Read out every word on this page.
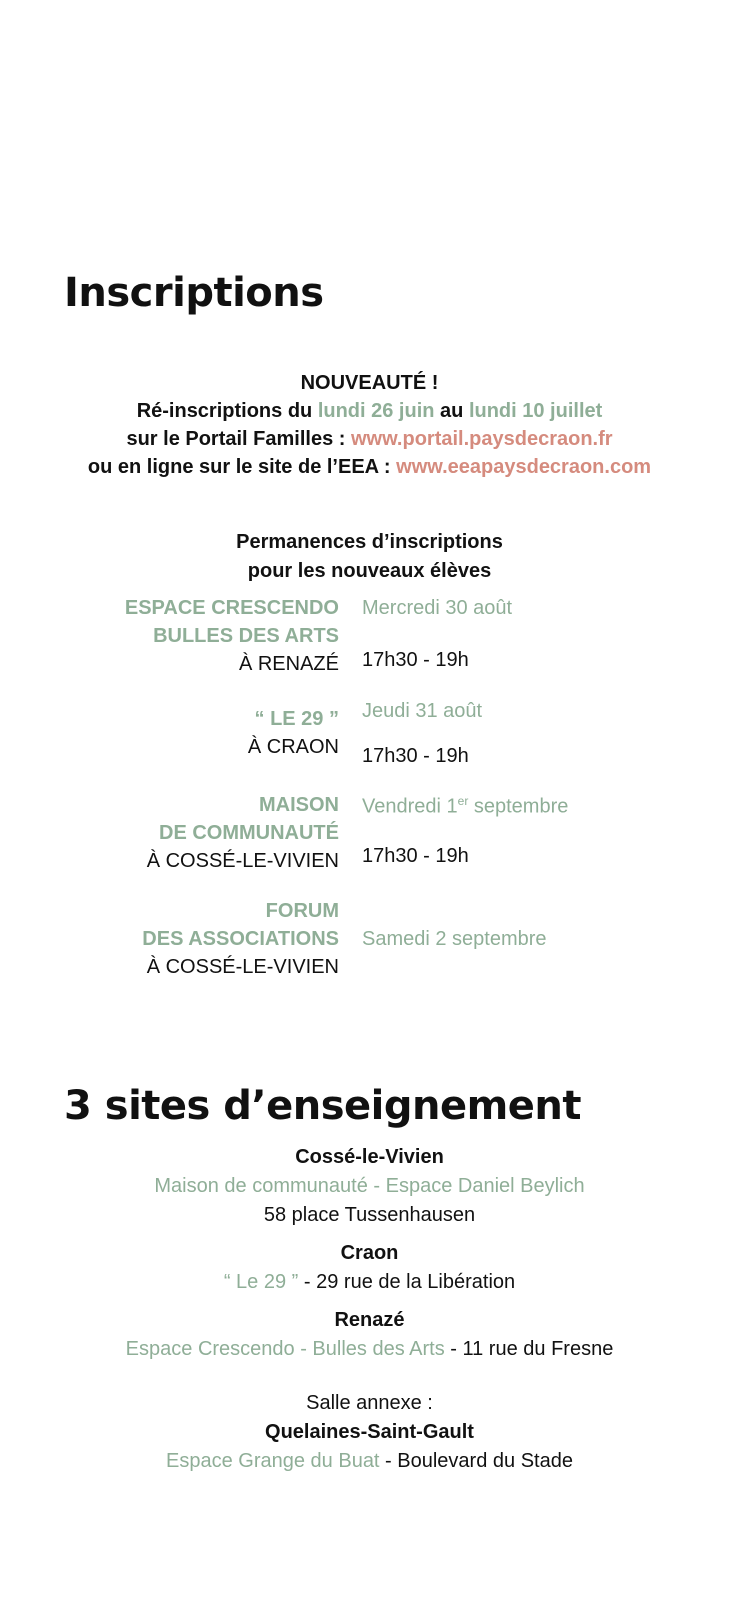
Inscriptions
NOUVEAUTÉ !
Ré-inscriptions du lundi 26 juin au lundi 10 juillet
sur le Portail Familles : www.portail.paysdecraon.fr
ou en ligne sur le site de l’EEA : www.eeapaysdecraon.com
Permanences d’inscriptions
pour les nouveaux élèves
ESPACE CRESCENDO
BULLES DES ARTS
À RENAZÉ
Mercredi 30 août
17h30 - 19h
“ LE 29 ”
À CRAON
Jeudi 31 août
17h30 - 19h
MAISON
DE COMMUNAUTÉ
À COSSÉ-LE-VIVIEN
Vendredi 1er septembre
17h30 - 19h
FORUM
DES ASSOCIATIONS
À COSSÉ-LE-VIVIEN
Samedi 2 septembre
3 sites d’enseignement
Cossé-le-Vivien
Maison de communauté - Espace Daniel Beylich
58 place Tussenhausen
Craon
“ Le 29 ” - 29 rue de la Libération
Renazé
Espace Crescendo - Bulles des Arts - 11 rue du Fresne
Salle annexe :
Quelaines-Saint-Gault
Espace Grange du Buat - Boulevard du Stade
